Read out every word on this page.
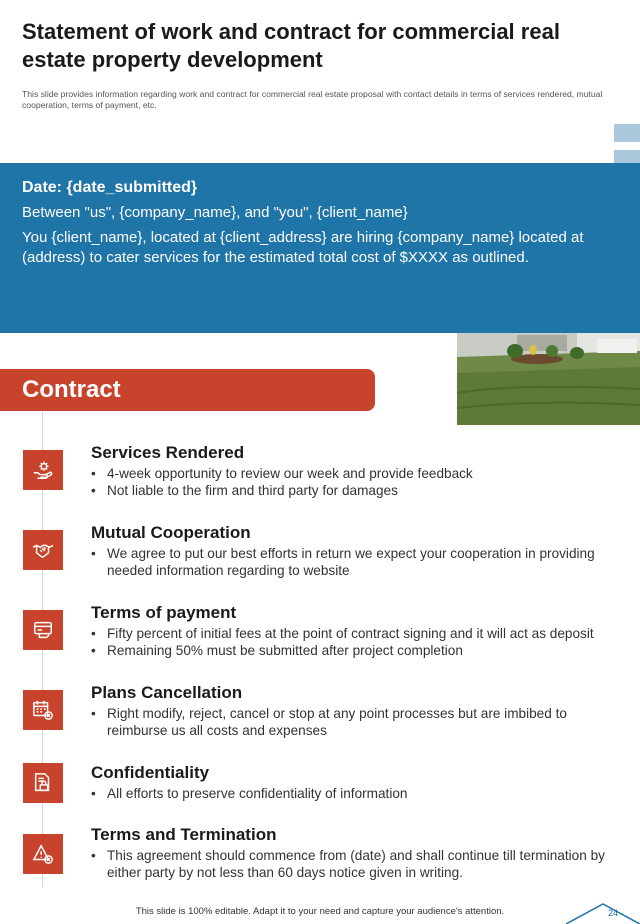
Statement of work and contract for commercial real estate property development

This slide provides information regarding work and contract for commercial real estate proposal with contact details in terms of services rendered, mutual cooperation, terms of payment, etc.

Date: {date_submitted}

Between "us", {company_name}, and "you", {client_name}

You {client_name}, located at {client_address} are hiring {company_name} located at (address) to cater services for the estimated total cost of $XXXX as outlined.

Contract
Services Rendered
• 4-week opportunity to review our week and provide feedback
• Not liable to the firm and third party for damages
Mutual Cooperation
• We agree to put our best efforts in return we expect your cooperation in providing needed information regarding to website
Terms of payment
• Fifty percent of initial fees at the point of contract signing and it will act as deposit
• Remaining 50% must be submitted after project completion
Plans Cancellation
• Right modify, reject, cancel or stop at any point processes but are imbibed to reimburse us all costs and expenses
Confidentiality
• All efforts to preserve confidentiality of information
Terms and Termination
• This agreement should commence from (date) and shall continue till termination by either party by not less than 60 days notice given in writing.
This slide is 100% editable. Adapt it to your need and capture your audience's attention.	24
